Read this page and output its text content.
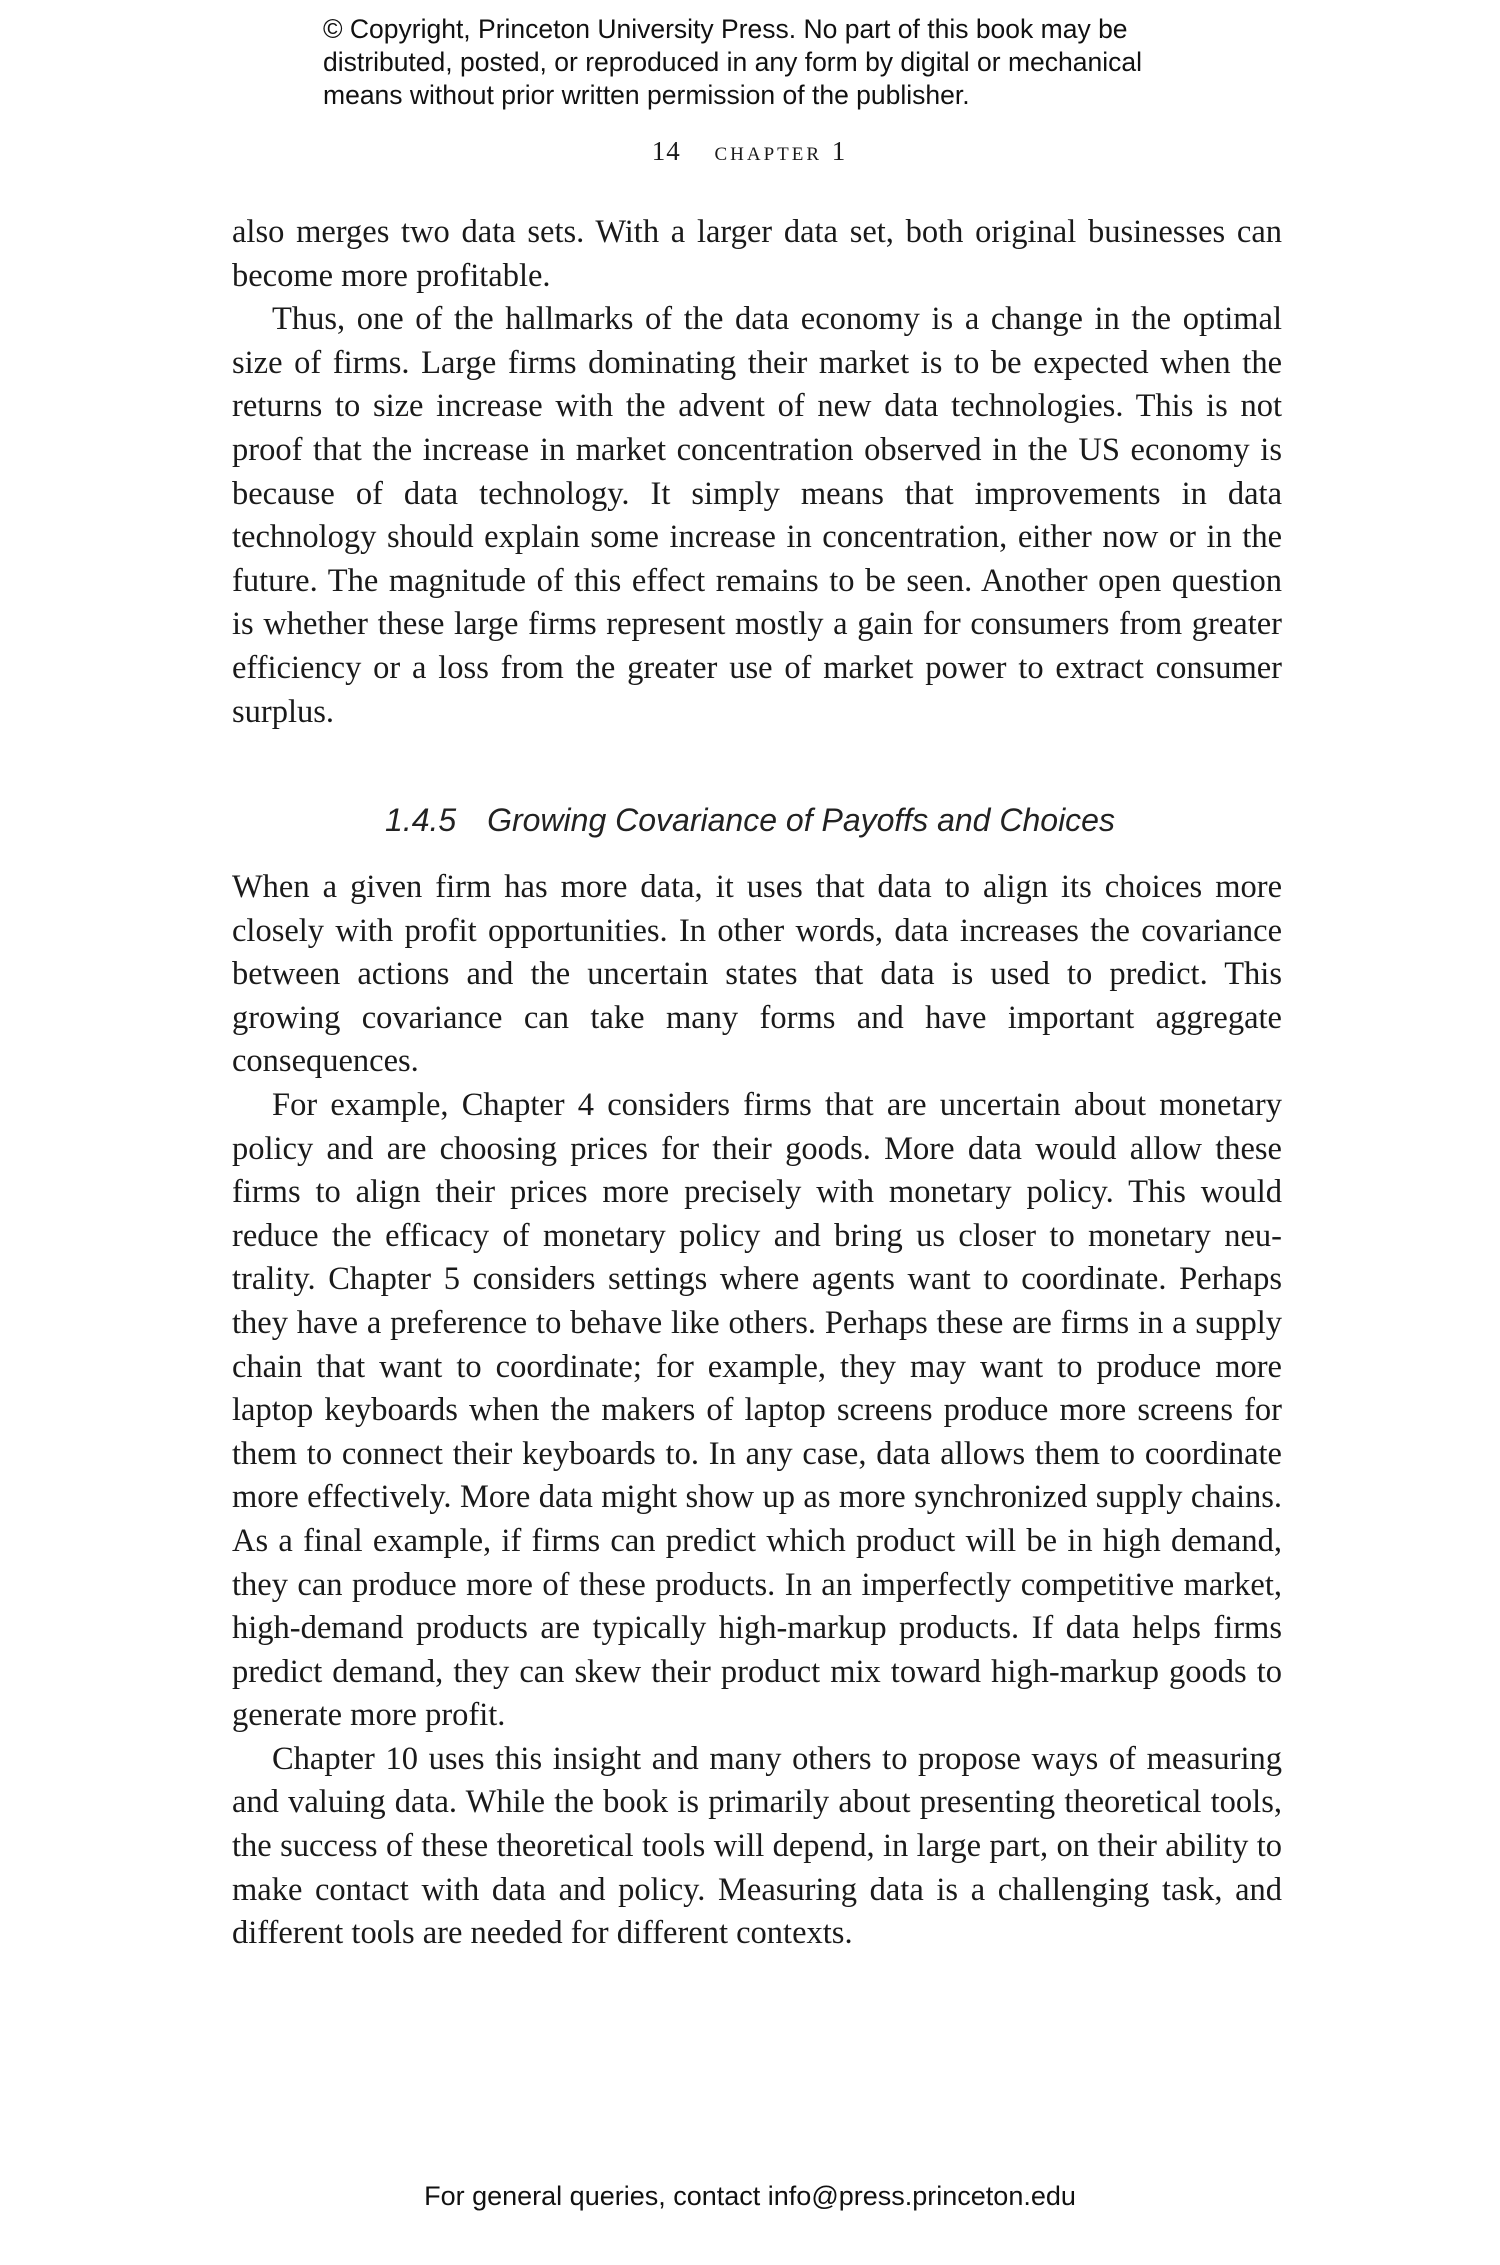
© Copyright, Princeton University Press. No part of this book may be
distributed, posted, or reproduced in any form by digital or mechanical
means without prior written permission of the publisher.
14 chapter 1

also merges two data sets. With a larger data set, both original businesses can become more profitable.

Thus, one of the hallmarks of the data economy is a change in the optimal size of firms. Large firms dominating their market is to be expected when the returns to size increase with the advent of new data technologies. This is not proof that the increase in market concentration observed in the US economy is because of data technology. It simply means that improvements in data technology should explain some increase in concentration, either now or in the future. The magnitude of this effect remains to be seen. Another open question is whether these large firms represent mostly a gain for consumers from greater efficiency or a loss from the greater use of market power to extract consumer surplus.

1.4.5 Growing Covariance of Payoffs and Choices

When a given firm has more data, it uses that data to align its choices more closely with profit opportunities. In other words, data increases the covariance between actions and the uncertain states that data is used to predict. This growing covariance can take many forms and have important aggregate consequences.

For example, Chapter 4 considers firms that are uncertain about monetary policy and are choosing prices for their goods. More data would allow these firms to align their prices more precisely with monetary policy. This would reduce the efficacy of monetary policy and bring us closer to monetary neutrality. Chapter 5 considers settings where agents want to coordinate. Perhaps they have a preference to behave like others. Perhaps these are firms in a supply chain that want to coordinate; for example, they may want to produce more laptop keyboards when the makers of laptop screens produce more screens for them to connect their keyboards to. In any case, data allows them to coordinate more effectively. More data might show up as more synchronized supply chains. As a final example, if firms can predict which product will be in high demand, they can produce more of these products. In an imperfectly competitive market, high-demand products are typically high-markup products. If data helps firms predict demand, they can skew their product mix toward high-markup goods to generate more profit.

Chapter 10 uses this insight and many others to propose ways of measuring and valuing data. While the book is primarily about presenting theoretical tools, the success of these theoretical tools will depend, in large part, on their ability to make contact with data and policy. Measuring data is a challenging task, and different tools are needed for different contexts.

For general queries, contact info@press.princeton.edu
